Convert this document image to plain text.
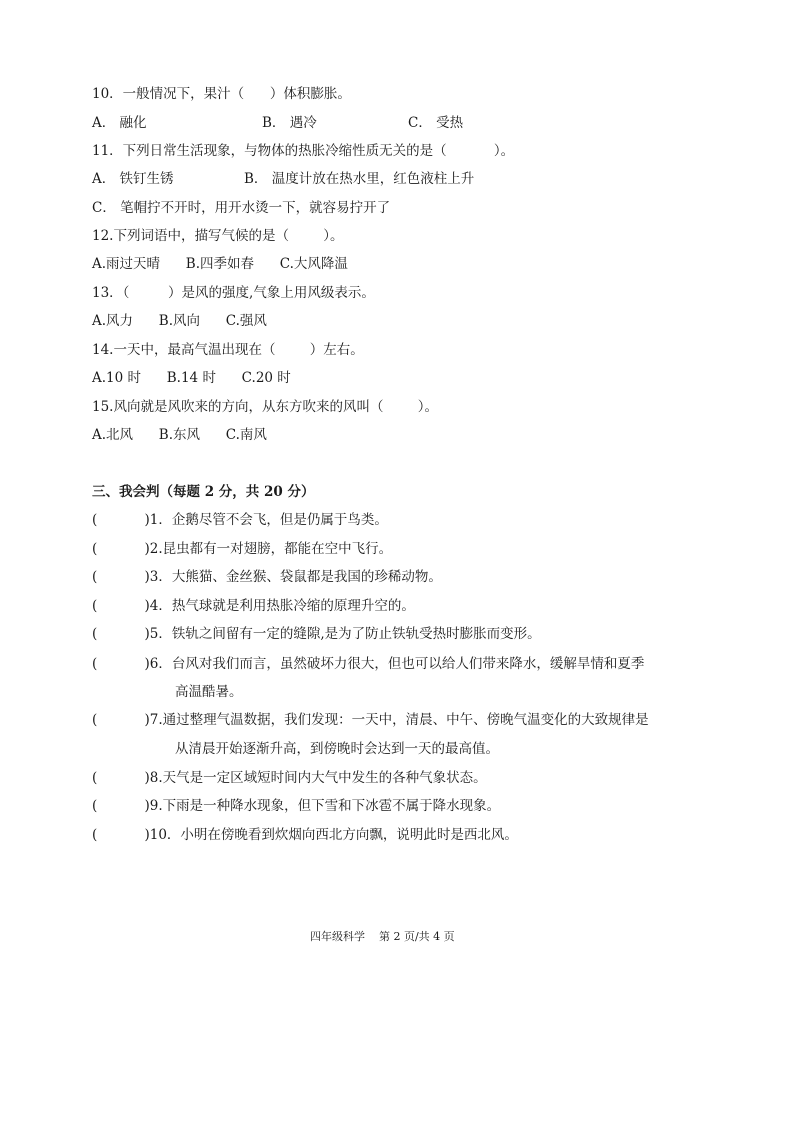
10．一般情况下，果汁（      ）体积膨胀。
A． 融化	B． 遇冷	C． 受热
11．下列日常生活现象，与物体的热胀冷缩性质无关的是（           ）。
A． 铁钉生锈	B． 温度计放在热水里，红色液柱上升
C． 笔帽拧不开时，用开水烫一下，就容易拧开了
12.下列词语中，描写气候的是（        ）。
A.雨过天晴      B.四季如春      C.大风降温
13．（         ）是风的强度,气象上用风级表示。
A.风力      B.风向      C.强风
14.一天中，最高气温出现在（        ）左右。
A.10 时      B.14 时      C.20 时
15.风向就是风吹来的方向，从东方吹来的风叫（        ）。
A.北风      B.东风      C.南风
三、我会判（每题 2 分，共 20 分）
(           )1．企鹅尽管不会飞，但是仍属于鸟类。
(           )2.昆虫都有一对翅膀，都能在空中飞行。
(           )3．大熊猫、金丝猴、袋鼠都是我国的珍稀动物。
(           )4．热气球就是利用热胀冷缩的原理升空的。
(           )5．铁轨之间留有一定的缝隙,是为了防止铁轨受热时膨胀而变形。
(           )6．台风对我们而言，虽然破坏力很大，但也可以给人们带来降水，缓解旱情和夏季
高温酷暑。
(           )7.通过整理气温数据，我们发现：一天中，清晨、中午、傍晚气温变化的大致规律是
从清晨开始逐渐升高，到傍晚时会达到一天的最高值。
(           )8.天气是一定区域短时间内大气中发生的各种气象状态。
(           )9.下雨是一种降水现象，但下雪和下冰雹不属于降水现象。
(           )10．小明在傍晚看到炊烟向西北方向飘，说明此时是西北风。
四年级科学    第 2 页/共 4 页
